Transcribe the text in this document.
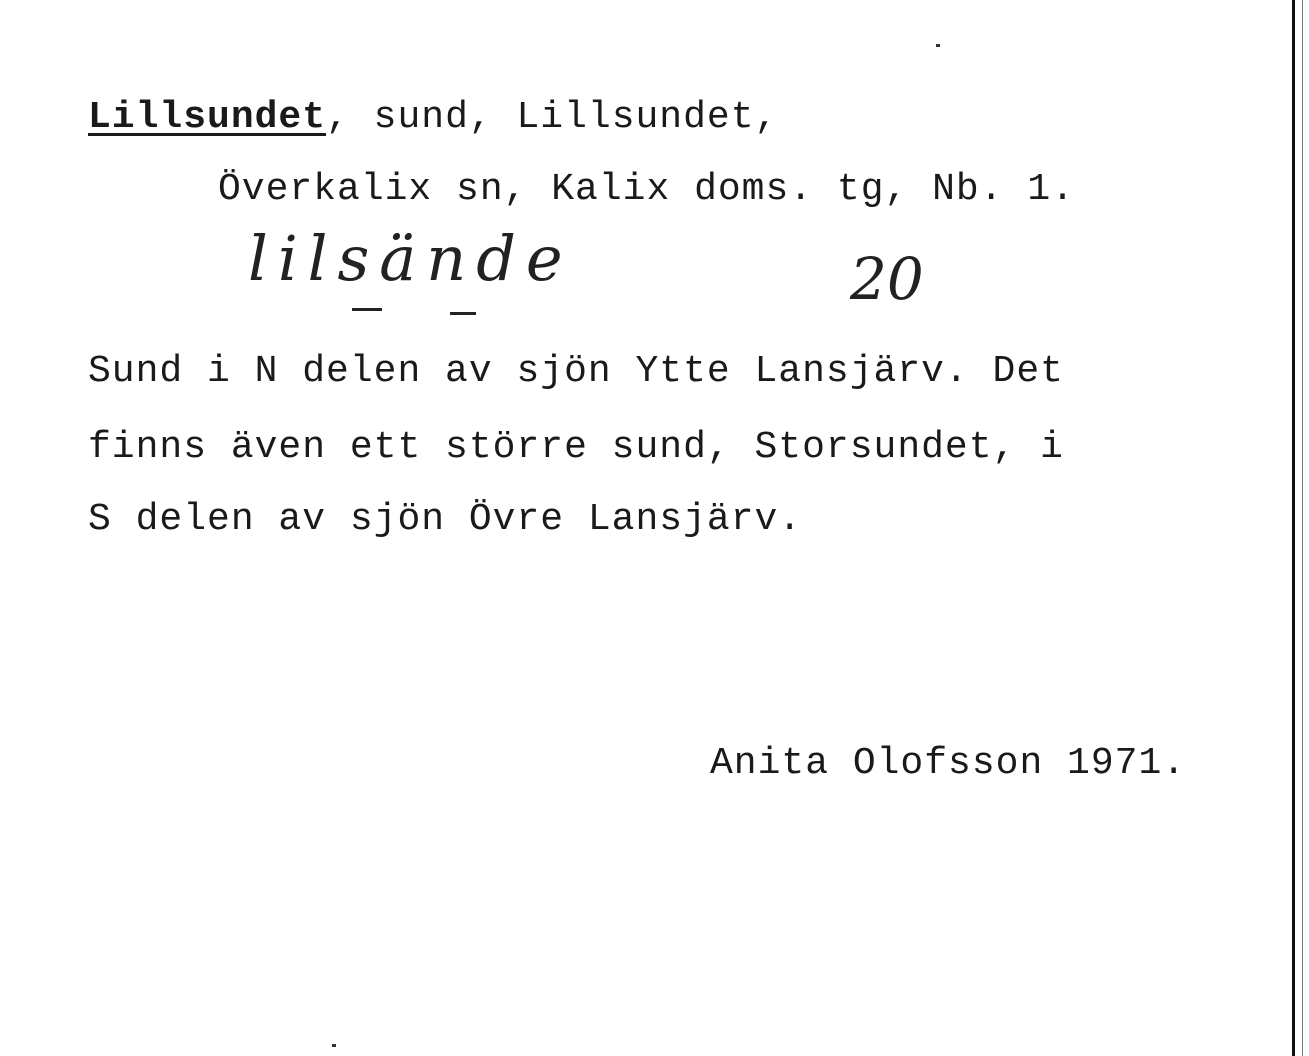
Lillsundet, sund, Lillsundet,
Överkalix sn, Kalix doms. tg, Nb. 1.
lilsände	20
Sund i N delen av sjön Ytte Lansjärv. Det
finns även ett större sund, Storsundet, i
S delen av sjön Övre Lansjärv.
Anita Olofsson 1971.
